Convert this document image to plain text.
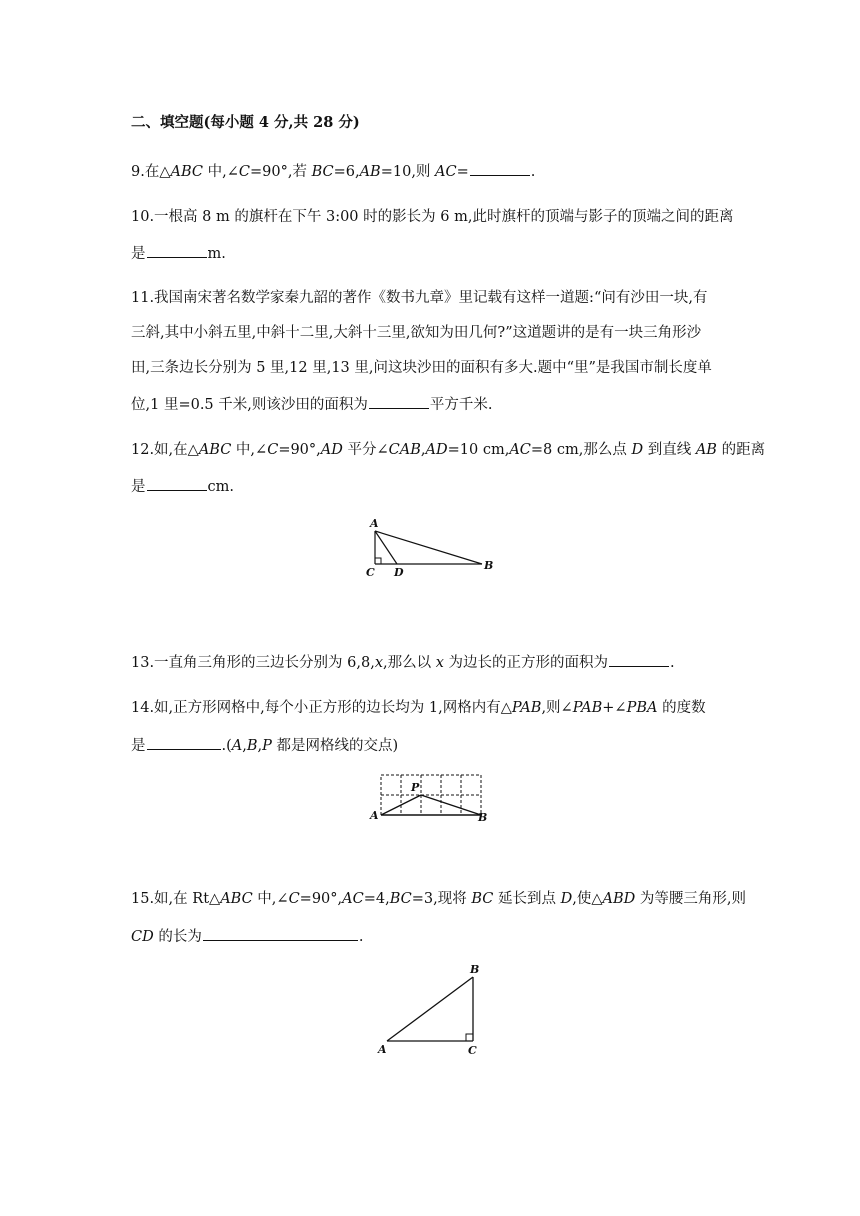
二、填空题(每小题 4 分,共 28 分)
9.在△ABC 中,∠C=90°,若 BC=6,AB=10,则 AC=	.
10.一根高 8 m 的旗杆在下午 3:00 时的影长为 6 m,此时旗杆的顶端与影子的顶端之间的距离
是	m.
11.我国南宋著名数学家秦九韶的著作《数书九章》里记载有这样一道题:“问有沙田一块,有
三斜,其中小斜五里,中斜十二里,大斜十三里,欲知为田几何?”这道题讲的是有一块三角形沙
田,三条边长分别为 5 里,12 里,13 里,问这块沙田的面积有多大.题中“里”是我国市制长度单
位,1 里=0.5 千米,则该沙田的面积为	平方千米.
12.如,在△ABC 中,∠C=90°,AD 平分∠CAB,AD=10 cm,AC=8 cm,那么点 D 到直线 AB 的距离
是	cm.
A
B
C D
13.一直角三角形的三边长分别为 6,8,x,那么以 x 为边长的正方形的面积为	.
14.如,正方形网格中,每个小正方形的边长均为 1,网格内有△PAB,则∠PAB+∠PBA 的度数
是	.(A,B,P 都是网格线的交点)
A	B
P
15.如,在 Rt△ABC 中,∠C=90°,AC=4,BC=3,现将 BC 延长到点 D,使△ABD 为等腰三角形,则
CD 的长为	.
A
B
C
